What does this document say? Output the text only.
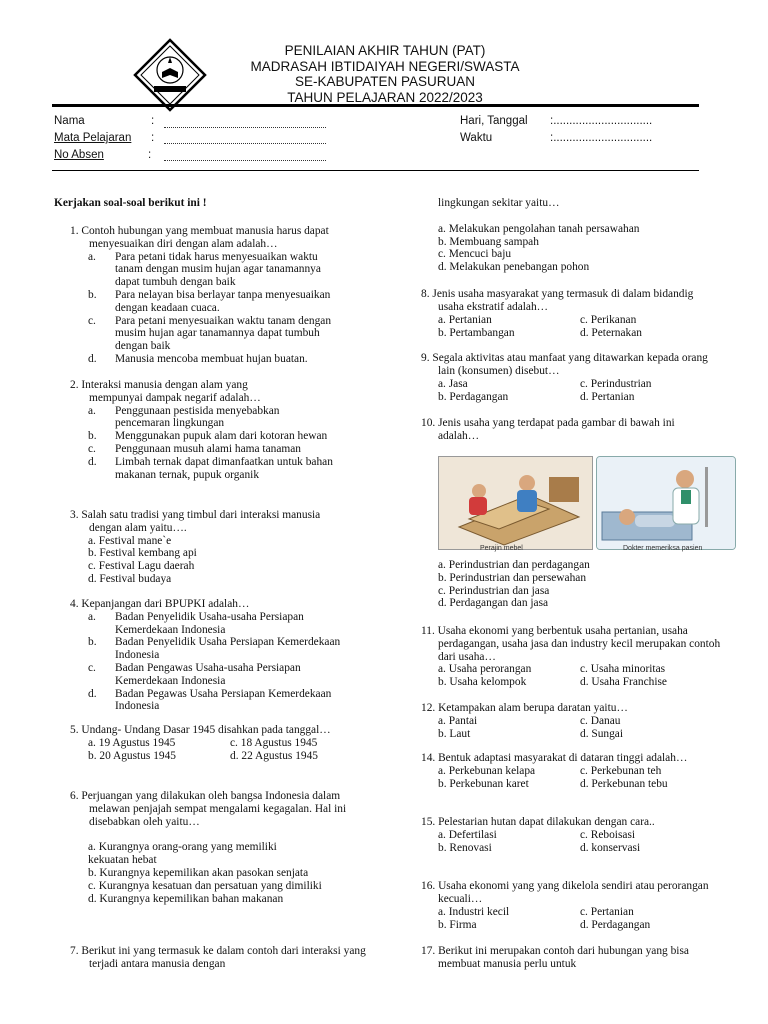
PENILAIAN AKHIR TAHUN (PAT)
MADRASAH IBTIDAIYAH NEGERI/SWASTA
SE-KABUPATEN PASURUAN
TAHUN PELAJARAN 2022/2023
Nama	:
Mata Pelajaran :
No Absen	:
Hari, Tanggal :...............................
Waktu	:...............................
Kerjakan soal-soal berikut ini !
1. Contoh hubungan yang membuat manusia harus dapat menyesuaikan diri dengan alam adalah…
a.	Para petani tidak harus menyesuaikan waktu tanam dengan musim hujan agar tanamannya dapat tumbuh dengan baik
b.	Para nelayan bisa berlayar tanpa menyesuaikan dengan keadaan cuaca.
c.	Para petani menyesuaikan waktu tanam dengan musim hujan agar tanamannya dapat tumbuh dengan baik
d.	Manusia mencoba membuat hujan buatan.
2. Interaksi manusia dengan alam yang mempunyai dampak negarif adalah…
a.	Penggunaan pestisida menyebabkan pencemaran lingkungan
b.	Menggunakan pupuk alam dari kotoran hewan
c.	Penggunaan musuh alami hama tanaman
d.	Limbah ternak dapat dimanfaatkan untuk bahan makanan ternak, pupuk organik
3. Salah satu tradisi yang timbul dari interaksi manusia dengan alam yaitu….
a. Festival mane`e
b. Festival kembang api
c. Festival Lagu daerah
d. Festival budaya
4. Kepanjangan dari BPUPKI adalah…
a.	Badan Penyelidik Usaha-usaha Persiapan Kemerdekaan Indonesia
b.	Badan Penyelidik Usaha Persiapan Kemerdekaan Indonesia
c.	Badan Pengawas Usaha-usaha Persiapan Kemerdekaan Indonesia
d.	Badan Pegawas Usaha Persiapan Kemerdekaan Indonesia
5. Undang- Undang Dasar 1945 disahkan pada tanggal…
a. 19 Agustus 1945	c. 18 Agustus 1945
b. 20 Agustus 1945	d. 22 Agustus 1945
6. Perjuangan yang dilakukan oleh bangsa Indonesia dalam melawan penjajah sempat mengalami kegagalan. Hal ini disebabkan oleh yaitu…
a. Kurangnya orang-orang yang memiliki kekuatan hebat
b. Kurangnya kepemilikan akan pasokan senjata
c. Kurangnya kesatuan dan persatuan yang dimiliki
d. Kurangnya kepemilikan bahan makanan
7. Berikut ini yang termasuk ke dalam contoh dari interaksi yang terjadi antara manusia dengan
lingkungan sekitar yaitu…
a. Melakukan pengolahan tanah persawahan
b. Membuang sampah
c. Mencuci baju
d. Melakukan penebangan pohon
8. Jenis usaha masyarakat yang termasuk di dalam bidandig usaha ekstratif adalah…
a. Pertanian	c. Perikanan
b. Pertambangan	d. Peternakan
9. Segala aktivitas atau manfaat yang ditawarkan kepada orang lain (konsumen) disebut…
a. Jasa	c. Perindustrian
b. Perdagangan	d. Pertanian
10. Jenis usaha yang terdapat pada gambar di bawah ini adalah…
Perajin mebel	Dokter memeriksa pasien
a. Perindustrian dan perdagangan
b. Perindustrian dan persewahan
c. Perindustrian dan jasa
d. Perdagangan dan jasa
11. Usaha ekonomi yang berbentuk usaha pertanian, usaha perdagangan, usaha jasa dan industry kecil merupakan contoh dari usaha…
a. Usaha perorangan	c. Usaha minoritas
b. Usaha kelompok	d. Usaha Franchise
12. Ketampakan alam berupa daratan yaitu…
a. Pantai	c. Danau
b. Laut	d. Sungai
14. Bentuk adaptasi masyarakat di dataran tinggi adalah…
a. Perkebunan kelapa	c. Perkebunan teh
b. Perkebunan karet	d. Perkebunan tebu
15. Pelestarian hutan dapat dilakukan dengan cara..
a. Defertilasi	c. Reboisasi
b. Renovasi	d. konservasi
16. Usaha ekonomi yang yang dikelola sendiri atau perorangan kecuali…
a. Industri kecil	c. Pertanian
b. Firma	d. Perdagangan
17. Berikut ini merupakan contoh dari hubungan yang bisa membuat manusia perlu untuk
